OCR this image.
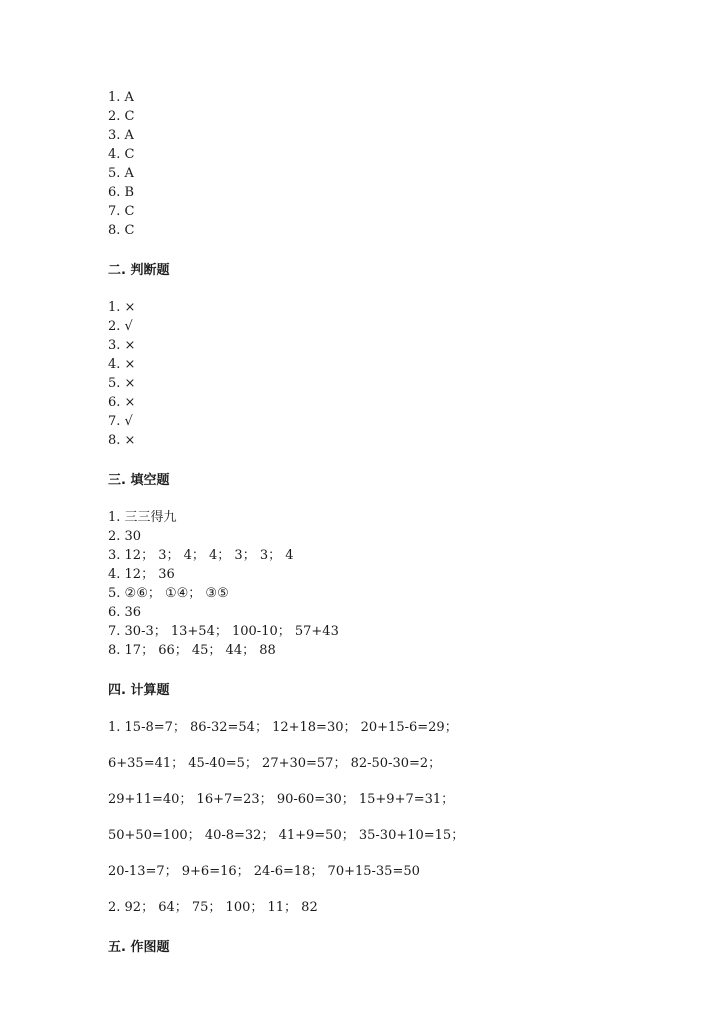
1. A
2. C
3. A
4. C
5. A
6. B
7. C
8. C
二. 判断题
1. ×
2. √
3. ×
4. ×
5. ×
6. ×
7. √
8. ×
三. 填空题
1. 三三得九
2. 30
3. 12； 3； 4； 4； 3； 3； 4
4. 12； 36
5. ②⑥； ①④； ③⑤
6. 36
7. 30-3； 13+54； 100-10； 57+43
8. 17； 66； 45； 44； 88
四. 计算题
1. 15-8=7； 86-32=54； 12+18=30； 20+15-6=29；
6+35=41； 45-40=5； 27+30=57； 82-50-30=2；
29+11=40； 16+7=23； 90-60=30； 15+9+7=31；
50+50=100； 40-8=32； 41+9=50； 35-30+10=15；
20-13=7； 9+6=16； 24-6=18； 70+15-35=50
2. 92； 64； 75； 100； 11； 82
五. 作图题
